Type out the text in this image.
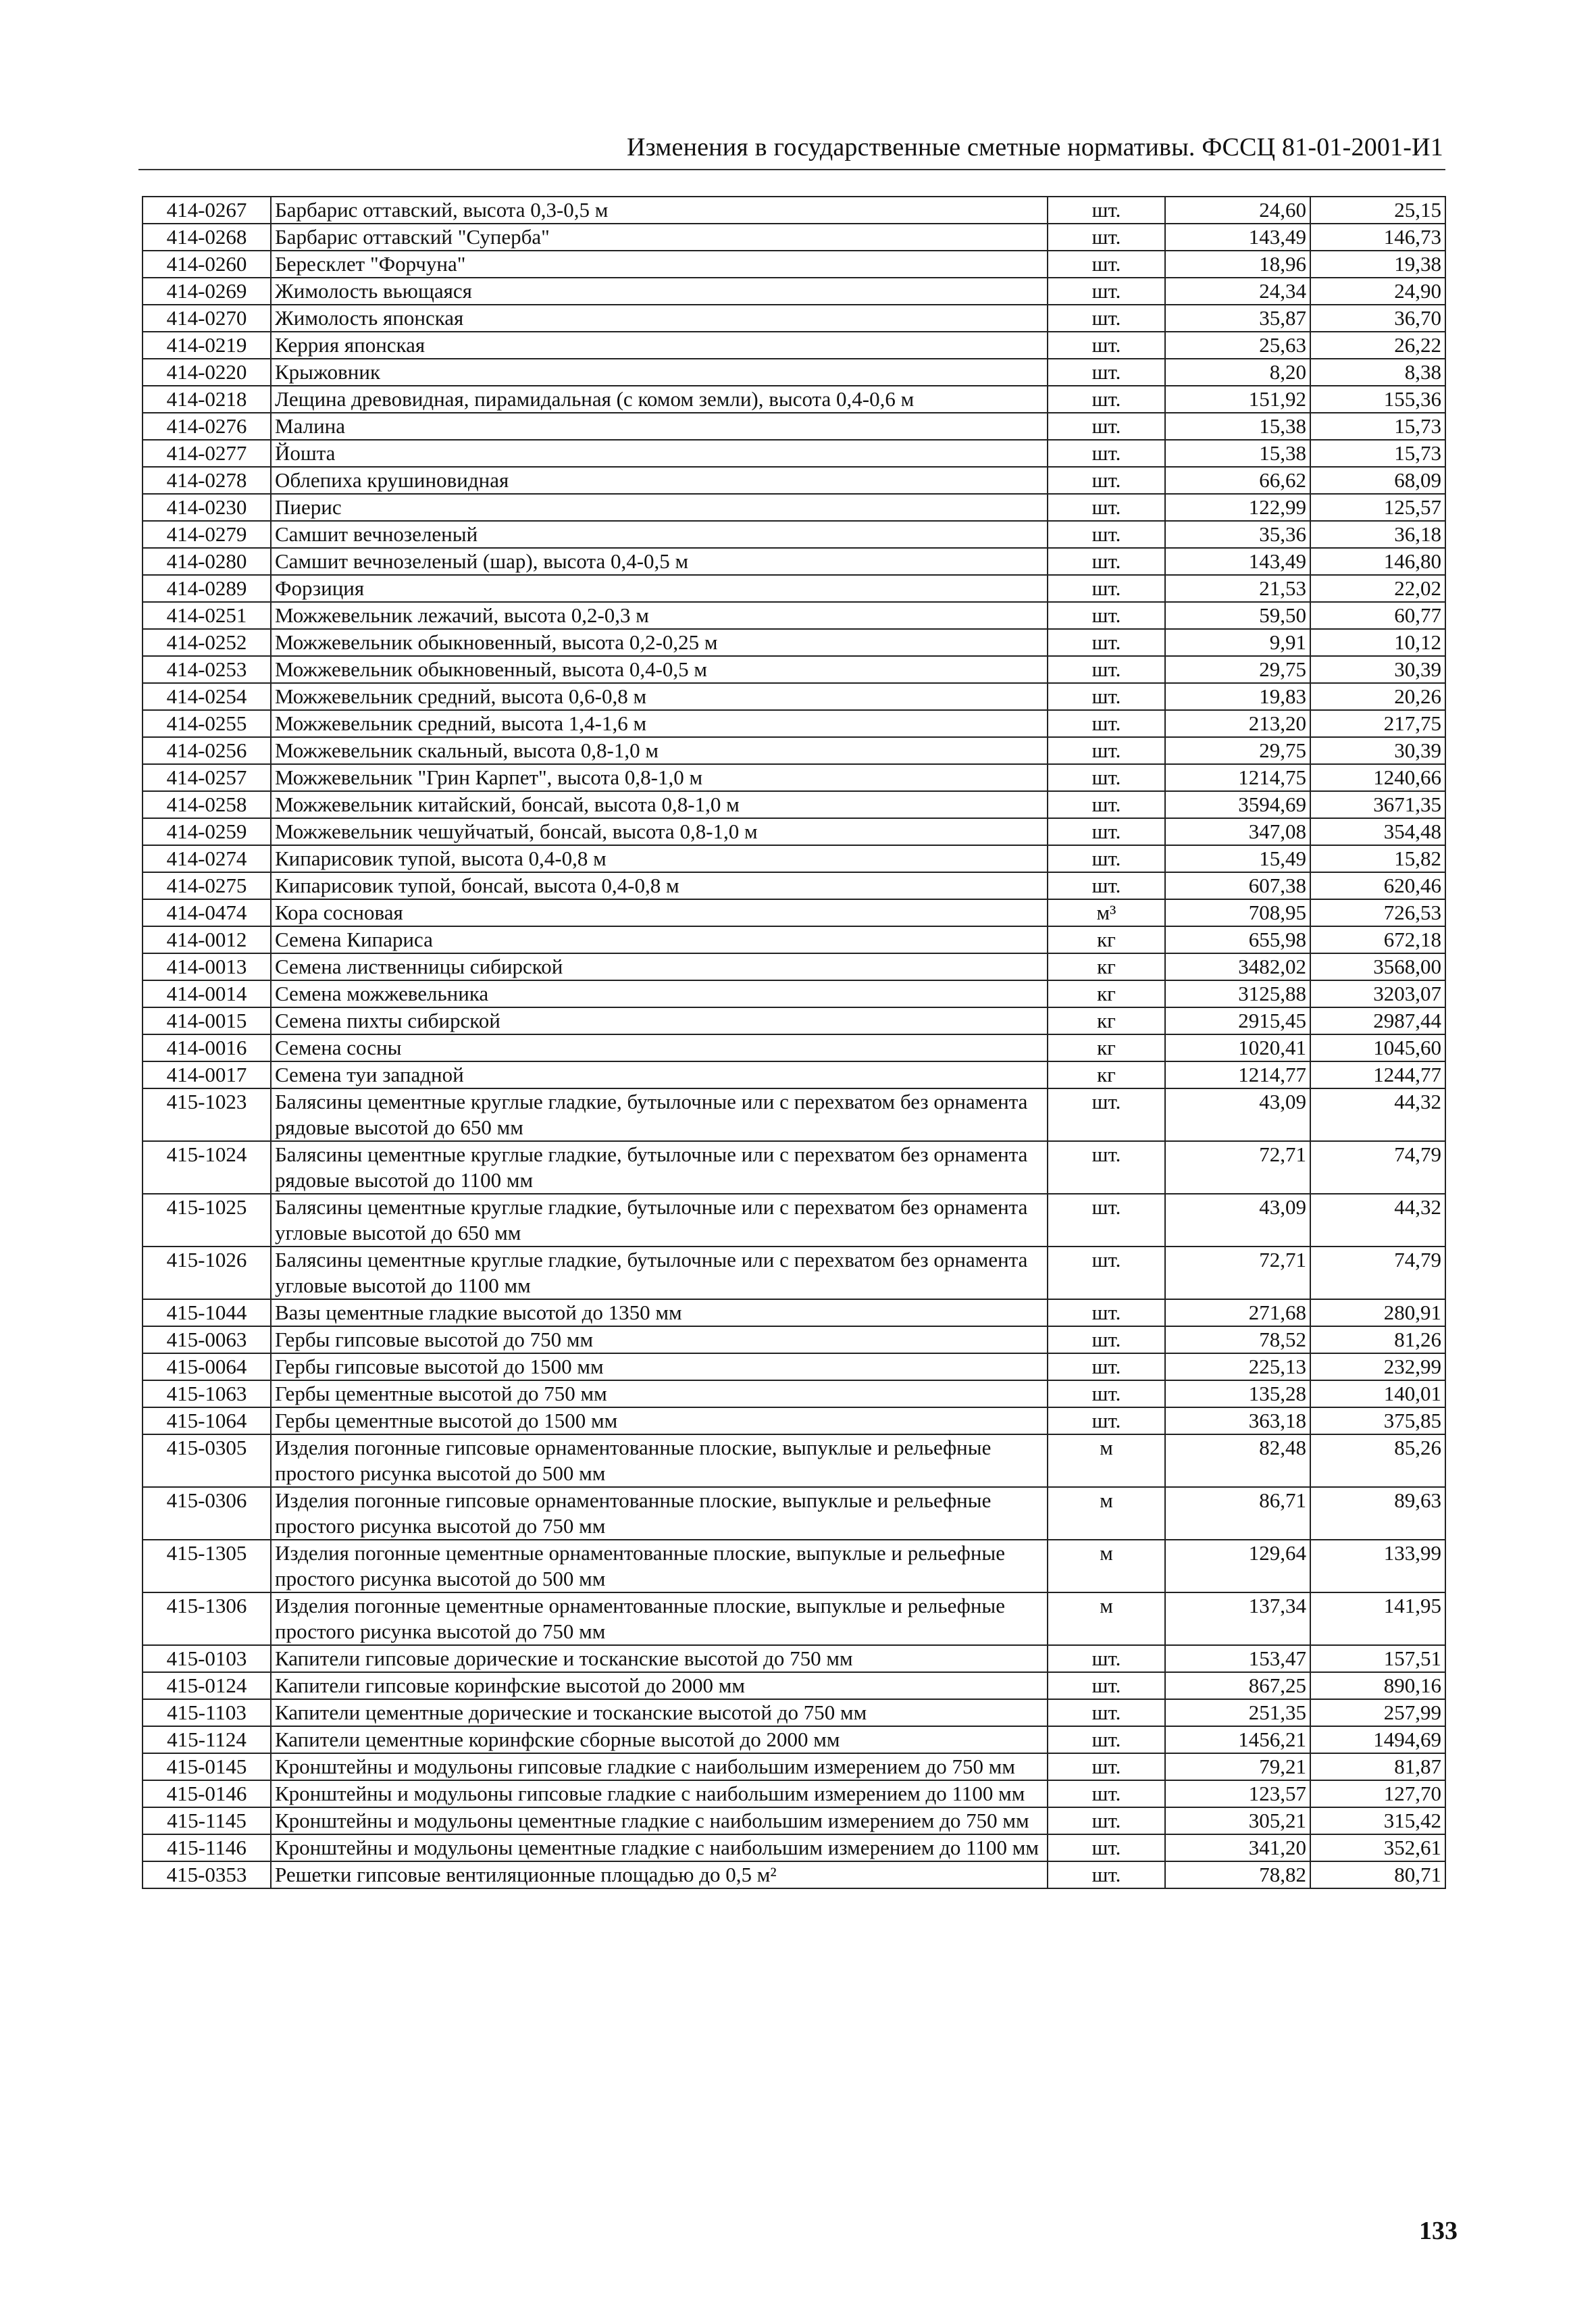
Изменения в государственные сметные нормативы. ФССЦ 81-01-2001-И1
414-0267	Барбарис оттавский, высота 0,3-0,5 м	шт.	24,60	25,15
414-0268	Барбарис оттавский "Суперба"	шт.	143,49	146,73
414-0260	Бересклет "Форчуна"	шт.	18,96	19,38
414-0269	Жимолость вьющаяся	шт.	24,34	24,90
414-0270	Жимолость японская	шт.	35,87	36,70
414-0219	Керрия японская	шт.	25,63	26,22
414-0220	Крыжовник	шт.	8,20	8,38
414-0218	Лещина древовидная, пирамидальная (с комом земли), высота 0,4-0,6 м	шт.	151,92	155,36
414-0276	Малина	шт.	15,38	15,73
414-0277	Йошта	шт.	15,38	15,73
414-0278	Облепиха крушиновидная	шт.	66,62	68,09
414-0230	Пиерис	шт.	122,99	125,57
414-0279	Самшит вечнозеленый	шт.	35,36	36,18
414-0280	Самшит вечнозеленый (шар), высота 0,4-0,5 м	шт.	143,49	146,80
414-0289	Форзиция	шт.	21,53	22,02
414-0251	Можжевельник лежачий, высота 0,2-0,3 м	шт.	59,50	60,77
414-0252	Можжевельник обыкновенный, высота 0,2-0,25 м	шт.	9,91	10,12
414-0253	Можжевельник обыкновенный, высота 0,4-0,5 м	шт.	29,75	30,39
414-0254	Можжевельник средний, высота 0,6-0,8 м	шт.	19,83	20,26
414-0255	Можжевельник средний, высота 1,4-1,6 м	шт.	213,20	217,75
414-0256	Можжевельник скальный, высота 0,8-1,0 м	шт.	29,75	30,39
414-0257	Можжевельник "Грин Карпет", высота 0,8-1,0 м	шт.	1214,75	1240,66
414-0258	Можжевельник китайский, бонсай, высота 0,8-1,0 м	шт.	3594,69	3671,35
414-0259	Можжевельник чешуйчатый, бонсай, высота 0,8-1,0 м	шт.	347,08	354,48
414-0274	Кипарисовик тупой, высота 0,4-0,8 м	шт.	15,49	15,82
414-0275	Кипарисовик тупой, бонсай, высота 0,4-0,8 м	шт.	607,38	620,46
414-0474	Кора сосновая	м³	708,95	726,53
414-0012	Семена Кипариса	кг	655,98	672,18
414-0013	Семена лиственницы сибирской	кг	3482,02	3568,00
414-0014	Семена можжевельника	кг	3125,88	3203,07
414-0015	Семена пихты сибирской	кг	2915,45	2987,44
414-0016	Семена сосны	кг	1020,41	1045,60
414-0017	Семена туи западной	кг	1214,77	1244,77
415-1023	Балясины цементные круглые гладкие, бутылочные или с перехватом без орнамента рядовые высотой до 650 мм	шт.	43,09	44,32
415-1024	Балясины цементные круглые гладкие, бутылочные или с перехватом без орнамента рядовые высотой до 1100 мм	шт.	72,71	74,79
415-1025	Балясины цементные круглые гладкие, бутылочные или с перехватом без орнамента угловые высотой до 650 мм	шт.	43,09	44,32
415-1026	Балясины цементные круглые гладкие, бутылочные или с перехватом без орнамента угловые высотой до 1100 мм	шт.	72,71	74,79
415-1044	Вазы цементные гладкие высотой до 1350 мм	шт.	271,68	280,91
415-0063	Гербы гипсовые высотой до 750 мм	шт.	78,52	81,26
415-0064	Гербы гипсовые высотой до 1500 мм	шт.	225,13	232,99
415-1063	Гербы цементные высотой до 750 мм	шт.	135,28	140,01
415-1064	Гербы цементные высотой до 1500 мм	шт.	363,18	375,85
415-0305	Изделия погонные гипсовые орнаментованные плоские, выпуклые и рельефные простого рисунка высотой до 500 мм	м	82,48	85,26
415-0306	Изделия погонные гипсовые орнаментованные плоские, выпуклые и рельефные простого рисунка высотой до 750 мм	м	86,71	89,63
415-1305	Изделия погонные цементные орнаментованные плоские, выпуклые и рельефные простого рисунка высотой до 500 мм	м	129,64	133,99
415-1306	Изделия погонные цементные орнаментованные плоские, выпуклые и рельефные простого рисунка высотой до 750 мм	м	137,34	141,95
415-0103	Капители гипсовые дорические и тосканские высотой до 750 мм	шт.	153,47	157,51
415-0124	Капители гипсовые коринфские высотой до 2000 мм	шт.	867,25	890,16
415-1103	Капители цементные дорические и тосканские высотой до 750 мм	шт.	251,35	257,99
415-1124	Капители цементные коринфские сборные высотой до 2000 мм	шт.	1456,21	1494,69
415-0145	Кронштейны и модульоны гипсовые гладкие с наибольшим измерением до 750 мм	шт.	79,21	81,87
415-0146	Кронштейны и модульоны гипсовые гладкие с наибольшим измерением до 1100 мм	шт.	123,57	127,70
415-1145	Кронштейны и модульоны цементные гладкие с наибольшим измерением до 750 мм	шт.	305,21	315,42
415-1146	Кронштейны и модульоны цементные гладкие с наибольшим измерением до 1100 мм	шт.	341,20	352,61
415-0353	Решетки гипсовые вентиляционные площадью до 0,5 м²	шт.	78,82	80,71
133
